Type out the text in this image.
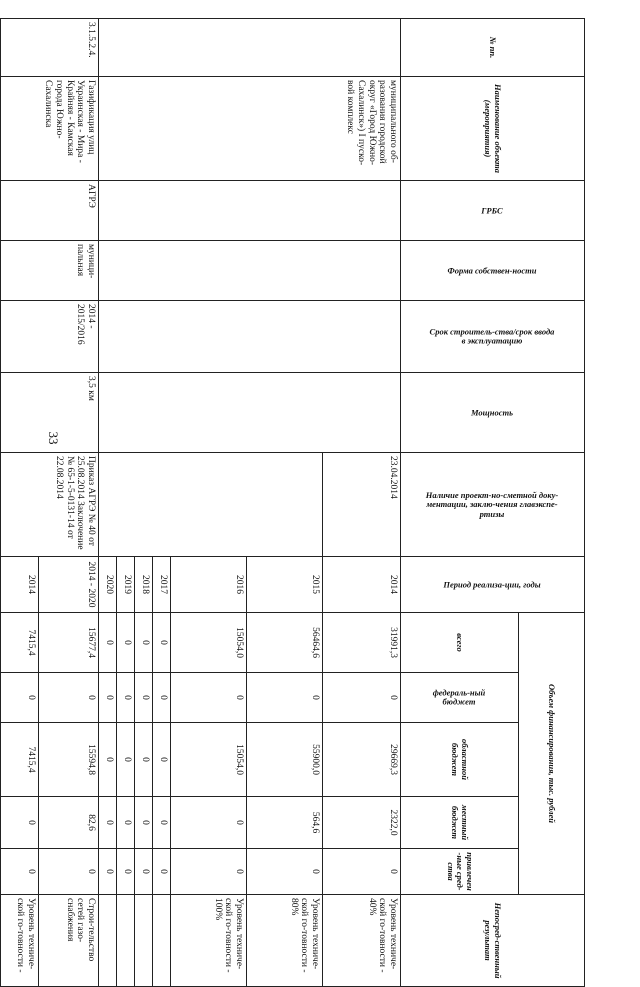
33
№ пп.	Наименование объекта (мероприятия)	ГРБС	Форма собствен-ности	Срок строитель-ства/срок ввода в эксплуатацию	Мощность	Наличие проект-но-сметной доку-ментации, заклю-чения главэкспе-ртизы	Период реализа-ции, годы	Объем финансирования, тыс. рублей					Непосред-ственный результат
								всего	федераль-ный бюджет	областной бюджет	местный бюджет	привлечен-ные сред-ства	
	муниципального об-разования городской округ «Город Южно-Сахалинск») I пуско-вой комплекс					23.04.2014	2014	31991,3	0	29669,3	2322,0	0	Уровень техниче-ской го-товности - 40%
							2015	56464,6	0	55900,0	564,6	0	Уровень техниче-ской го-товности - 80%
							2016	15054,0	0	15054,0	0	0	Уровень техниче-ской го-товности - 100%
							2017	0	0	0	0	0	
							2018	0	0	0	0	0	
							2019	0	0	0	0	0	
							2020	0	0	0	0	0	
3.1.5.2.4.	Газификация улиц Украинская - Мира - Крайняя - Камская города Южно-Сахалинска	АГРЭ	муници-пальная	2014 - 2015/2016	3,5 км	Приказ АГРЭ № 40 от 25.08.2014 Заключение № 65-1-5-0131-14 от 22.08.2014	2014 - 2020	15677,4	0	15594,8	82,6	0	Строи-тельство сетей газо-снабжения
							2014	7415,4	0	7415,4	0	0	Уровень техниче-ской го-товности -
